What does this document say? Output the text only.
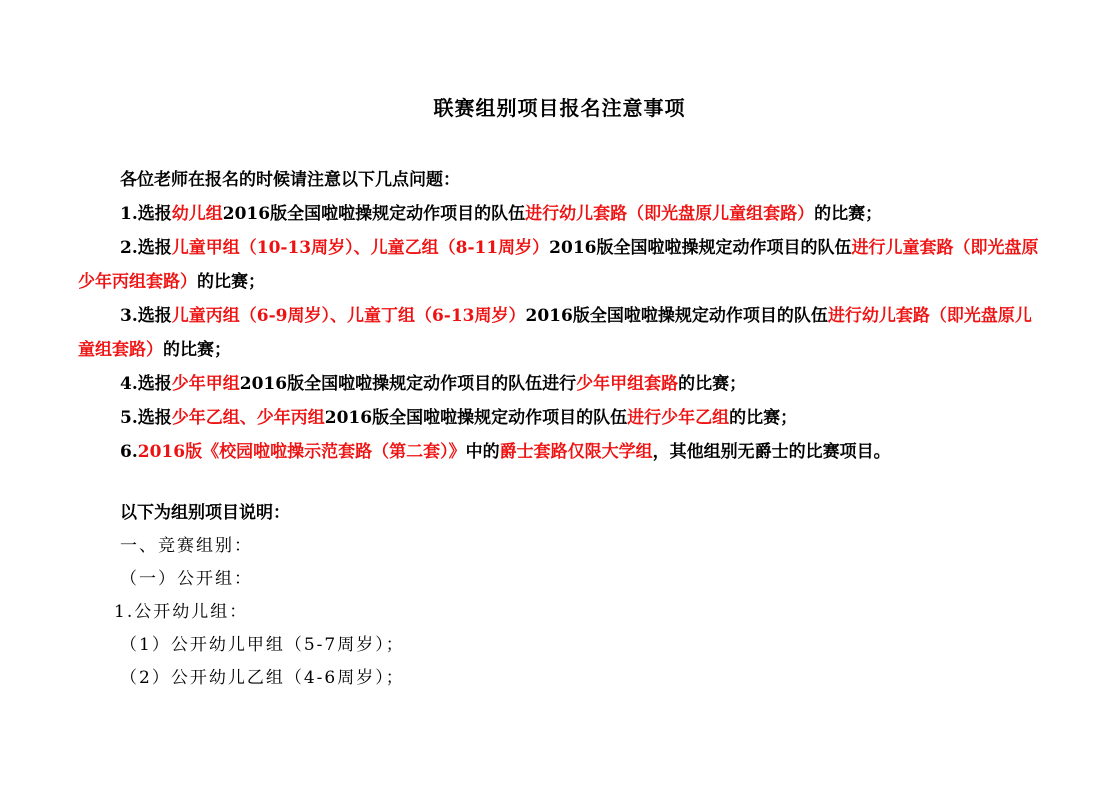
联赛组别项目报名注意事项

各位老师在报名的时候请注意以下几点问题：

1.选报幼儿组2016版全国啦啦操规定动作项目的队伍进行幼儿套路（即光盘原儿童组套路）的比赛；

2.选报儿童甲组（10-13周岁）、儿童乙组（8-11周岁）2016版全国啦啦操规定动作项目的队伍进行儿童套路（即光盘原少年丙组套路）的比赛；

3.选报儿童丙组（6-9周岁）、儿童丁组（6-13周岁）2016版全国啦啦操规定动作项目的队伍进行幼儿套路（即光盘原儿童组套路）的比赛；

4.选报少年甲组2016版全国啦啦操规定动作项目的队伍进行少年甲组套路的比赛；

5.选报少年乙组、少年丙组2016版全国啦啦操规定动作项目的队伍进行少年乙组的比赛；

6.2016版《校园啦啦操示范套路（第二套）》中的爵士套路仅限大学组，其他组别无爵士的比赛项目。

以下为组别项目说明：
一、竞赛组别：
（一）公开组：
1.公开幼儿组：
（1）公开幼儿甲组（5-7周岁）；
（2）公开幼儿乙组（4-6周岁）；
